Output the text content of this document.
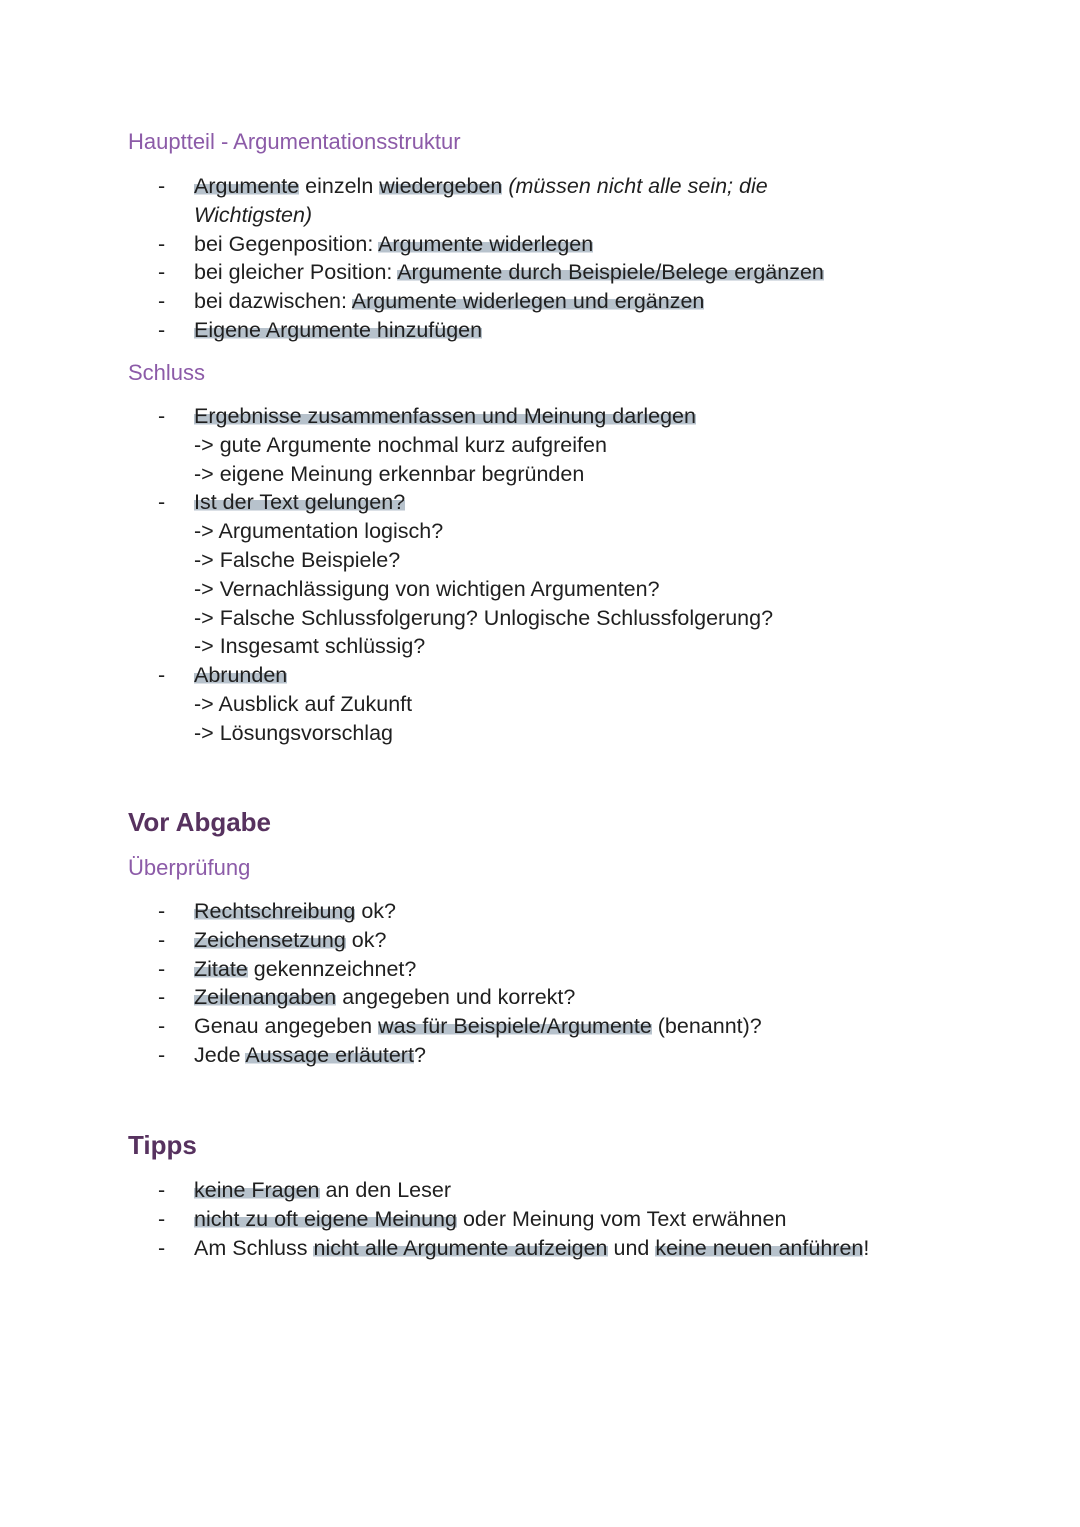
Hauptteil - Argumentationsstruktur
- Argumente einzeln wiedergeben (müssen nicht alle sein; die
Wichtigsten)
- bei Gegenposition: Argumente widerlegen
- bei gleicher Position: Argumente durch Beispiele/Belege ergänzen
- bei dazwischen: Argumente widerlegen und ergänzen
- Eigene Argumente hinzufügen
Schluss
- Ergebnisse zusammenfassen und Meinung darlegen
-> gute Argumente nochmal kurz aufgreifen
-> eigene Meinung erkennbar begründen
- Ist der Text gelungen?
-> Argumentation logisch?
-> Falsche Beispiele?
-> Vernachlässigung von wichtigen Argumenten?
-> Falsche Schlussfolgerung? Unlogische Schlussfolgerung?
-> Insgesamt schlüssig?
- Abrunden
-> Ausblick auf Zukunft
-> Lösungsvorschlag
Vor Abgabe
Überprüfung
- Rechtschreibung ok?
- Zeichensetzung ok?
- Zitate gekennzeichnet?
- Zeilenangaben angegeben und korrekt?
- Genau angegeben was für Beispiele/Argumente (benannt)?
- Jede Aussage erläutert?
Tipps
- keine Fragen an den Leser
- nicht zu oft eigene Meinung oder Meinung vom Text erwähnen
- Am Schluss nicht alle Argumente aufzeigen und keine neuen anführen!
